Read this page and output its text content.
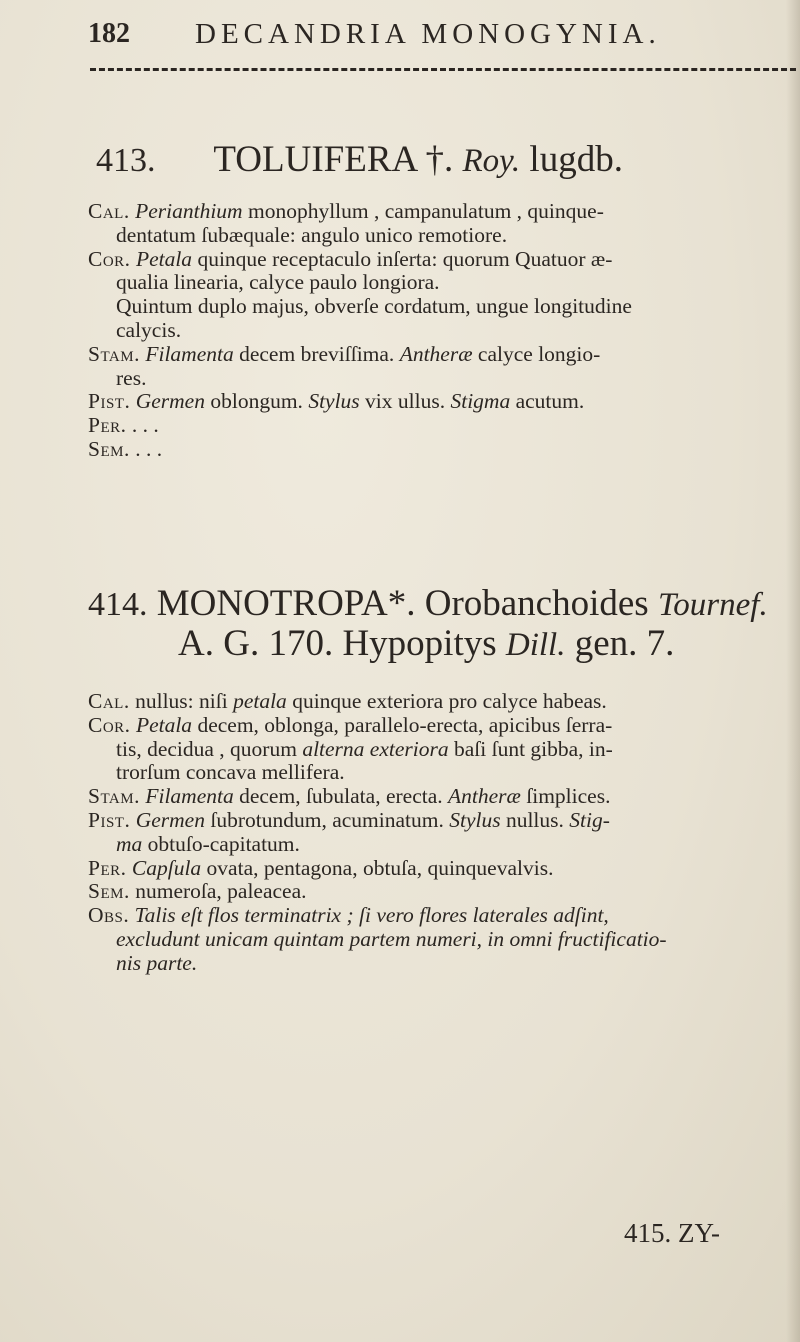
182 DECANDRIA MONOGYNIA.
413. TOLUIFERA †. Roy. lugdb.
Cal. Perianthium monophyllum , campanulatum , quinque-
dentatum ſubæquale: angulo unico remotiore.
Cor. Petala quinque receptaculo inſerta: quorum Quatuor æ-
qualia linearia, calyce paulo longiora.
Quintum duplo majus, obverſe cordatum, ungue longitudine
calycis.
Stam. Filamenta decem breviſſima. Antheræ calyce longio-
res.
Pist. Germen oblongum. Stylus vix ullus. Stigma acutum.
Per. . . .
Sem. . . .
414. MONOTROPA*. Orobanchoides Tournef.
A. G. 170. Hypopitys Dill. gen. 7.
Cal. nullus: niſi petala quinque exteriora pro calyce habeas.
Cor. Petala decem, oblonga, parallelo-erecta, apicibus ſerra-
tis, decidua , quorum alterna exteriora baſi ſunt gibba, in-
trorſum concava mellifera.
Stam. Filamenta decem, ſubulata, erecta. Antheræ ſimplices.
Pist. Germen ſubrotundum, acuminatum. Stylus nullus. Stig-
ma obtuſo-capitatum.
Per. Capſula ovata, pentagona, obtuſa, quinquevalvis.
Sem. numeroſa, paleacea.
Obs. Talis eſt flos terminatrix ; ſi vero flores laterales adſint,
excludunt unicam quintam partem numeri, in omni fructificatio-
nis parte.
415. ZY-
